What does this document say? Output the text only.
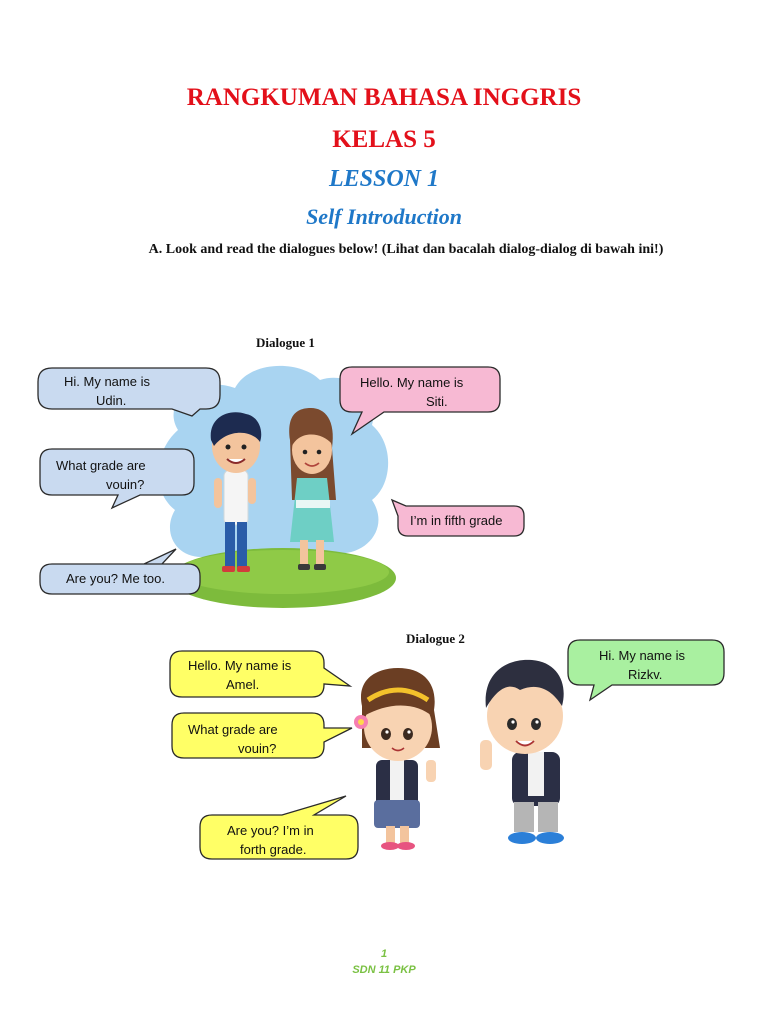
RANGKUMAN BAHASA INGGRIS
KELAS 5
LESSON 1
Self Introduction
A. Look and read the dialogues below! (Lihat dan bacalah dialog-dialog di bawah ini!)
Dialogue 1
Dialogue 2
Hi. My name is
Udin.
Hello. My name is
Siti.
What grade are
vouin?
I’m in fifth grade
Are you? Me too.
Hello. My name is
Amel.
Hi. My name is
Rizkv.
What grade are
vouin?
Are you? I’m in
forth grade.
1
SDN 11 PKP
